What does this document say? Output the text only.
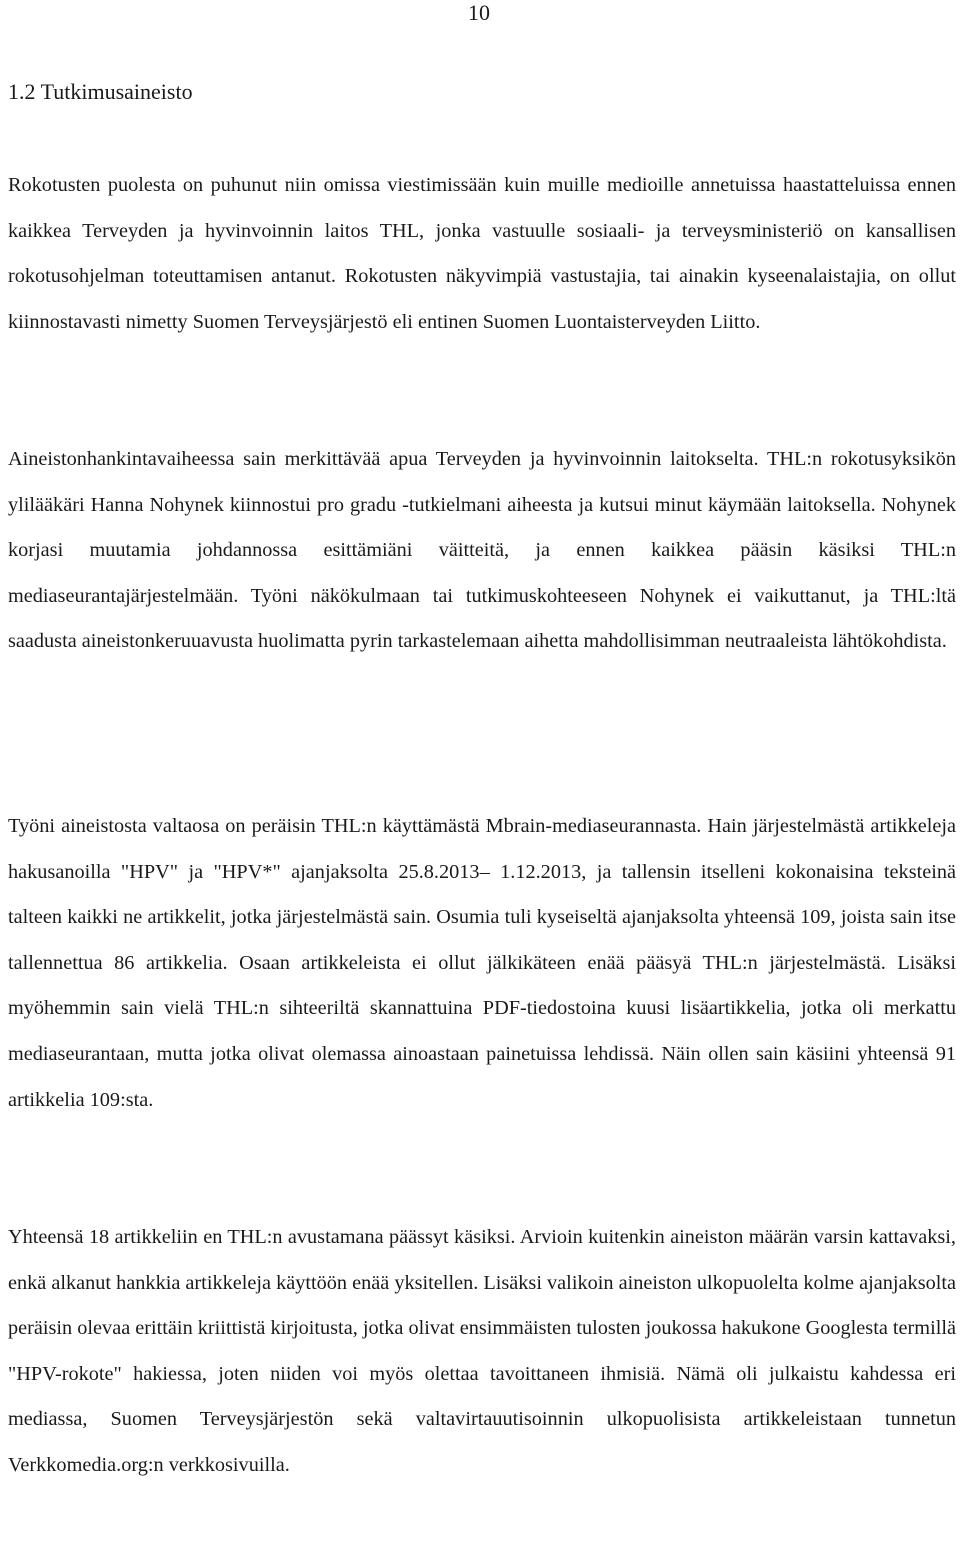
10
1.2 Tutkimusaineisto

Rokotusten puolesta on puhunut niin omissa viestimissään kuin muille medioille annetuissa haastatteluissa ennen kaikkea Terveyden ja hyvinvoinnin laitos THL, jonka vastuulle sosiaali- ja terveysministeriö on kansallisen rokotusohjelman toteuttamisen antanut. Rokotusten näkyvimpiä vastustajia, tai ainakin kyseenalaistajia, on ollut kiinnostavasti nimetty Suomen Terveysjärjestö eli entinen Suomen Luontaisterveyden Liitto.

Aineistonhankintavaiheessa sain merkittävää apua Terveyden ja hyvinvoinnin laitokselta. THL:n rokotusyksikön ylilääkäri Hanna Nohynek kiinnostui pro gradu -tutkielmani aiheesta ja kutsui minut käymään laitoksella. Nohynek korjasi muutamia johdannossa esittämiäni väitteitä, ja ennen kaikkea pääsin käsiksi THL:n mediaseurantajärjestelmään. Työni näkökulmaan tai tutkimuskohteeseen Nohynek ei vaikuttanut, ja THL:ltä saadusta aineistonkeruuavusta huolimatta pyrin tarkastelemaan aihetta mahdollisimman neutraaleista lähtökohdista.

Työni aineistosta valtaosa on peräisin THL:n käyttämästä Mbrain-mediaseurannasta. Hain järjestelmästä artikkeleja hakusanoilla "HPV" ja "HPV*" ajanjaksolta 25.8.2013– 1.12.2013, ja tallensin itselleni kokonaisina teksteinä talteen kaikki ne artikkelit, jotka järjestelmästä sain. Osumia tuli kyseiseltä ajanjaksolta yhteensä 109, joista sain itse tallennettua 86 artikkelia. Osaan artikkeleista ei ollut jälkikäteen enää pääsyä THL:n järjestelmästä. Lisäksi myöhemmin sain vielä THL:n sihteeriltä skannattuina PDF-tiedostoina kuusi lisäartikkelia, jotka oli merkattu mediaseurantaan, mutta jotka olivat olemassa ainoastaan painetuissa lehdissä. Näin ollen sain käsiini yhteensä 91 artikkelia 109:sta.

Yhteensä 18 artikkeliin en THL:n avustamana päässyt käsiksi. Arvioin kuitenkin aineiston määrän varsin kattavaksi, enkä alkanut hankkia artikkeleja käyttöön enää yksitellen. Lisäksi valikoin aineiston ulkopuolelta kolme ajanjaksolta peräisin olevaa erittäin kriittistä kirjoitusta, jotka olivat ensimmäisten tulosten joukossa hakukone Googlesta termillä "HPV-rokote" hakiessa, joten niiden voi myös olettaa tavoittaneen ihmisiä. Nämä oli julkaistu kahdessa eri mediassa, Suomen Terveysjärjestön sekä valtavirtauutisoinnin ulkopuolisista artikkeleistaan tunnetun Verkkomedia.org:n verkkosivuilla.
